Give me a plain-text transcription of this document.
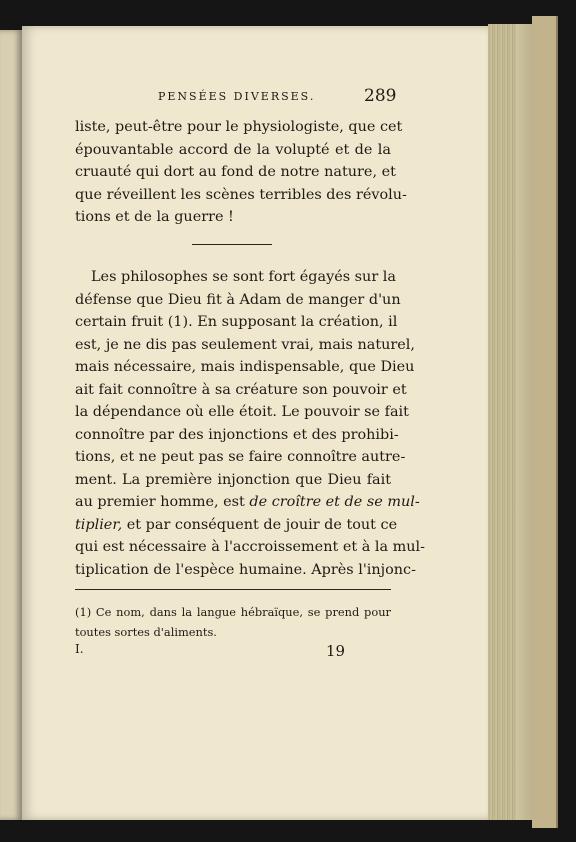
PENSÉES DIVERSES.	289
liste, peut-être pour le physiologiste, que cet
épouvantable accord de la volupté et de la
cruauté qui dort au fond de notre nature, et
que réveillent les scènes terribles des révolu-
tions et de la guerre !
Les philosophes se sont fort égayés sur la
défense que Dieu fit à Adam de manger d'un
certain fruit (1). En supposant la création, il
est, je ne dis pas seulement vrai, mais naturel,
mais nécessaire, mais indispensable, que Dieu
ait fait connoître à sa créature son pouvoir et
la dépendance où elle étoit. Le pouvoir se fait
connoître par des injonctions et des prohibi-
tions, et ne peut pas se faire connoître autre-
ment. La première injonction que Dieu fait
au premier homme, est de croître et de se mul-
tiplier, et par conséquent de jouir de tout ce
qui est nécessaire à l'accroissement et à la mul-
tiplication de l'espèce humaine. Après l'injonc-
(1) Ce nom, dans la langue hébraïque, se prend pour
toutes sortes d'aliments.
I.	19
